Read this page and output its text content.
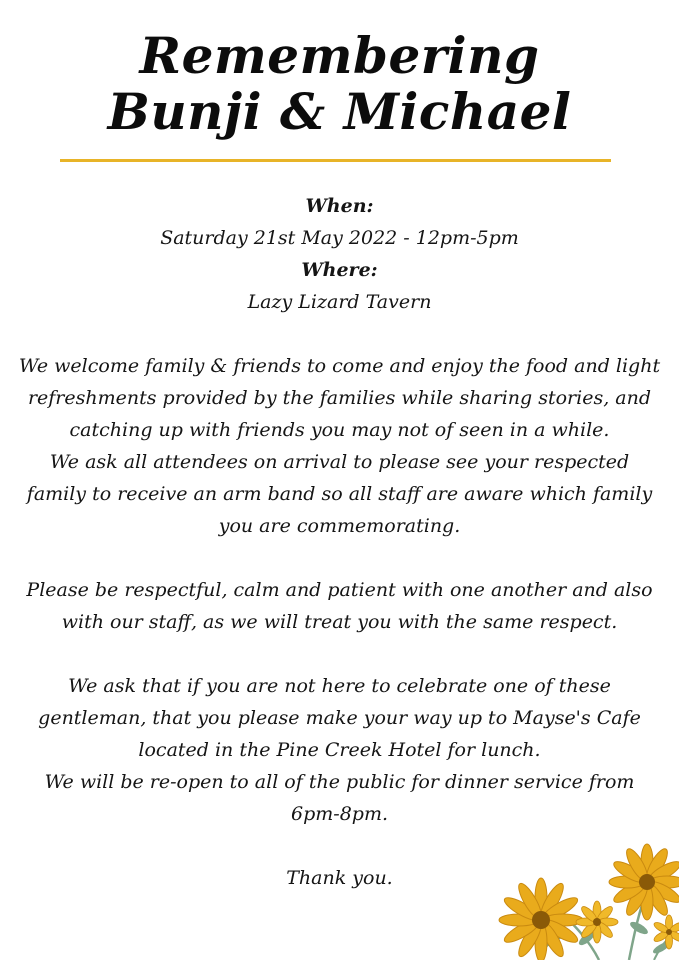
Remembering
Bunji & Michael

When:

Saturday 21st May 2022 - 12pm-5pm

Where:

Lazy Lizard Tavern

We welcome family & friends to come and enjoy the food and light refreshments provided by the families while sharing stories, and catching up with friends you may not of seen in a while.

We ask all attendees on arrival to please see your respected family to receive an arm band so all staff are aware which family you are commemorating.

Please be respectful, calm and patient with one another and also with our staff, as we will treat you with the same respect.

We ask that if you are not here to celebrate one of these gentleman, that you please make your way up to Mayse's Cafe located in the Pine Creek Hotel for lunch.

We will be re-open to all of the public for dinner service from 6pm-8pm.

Thank you.
